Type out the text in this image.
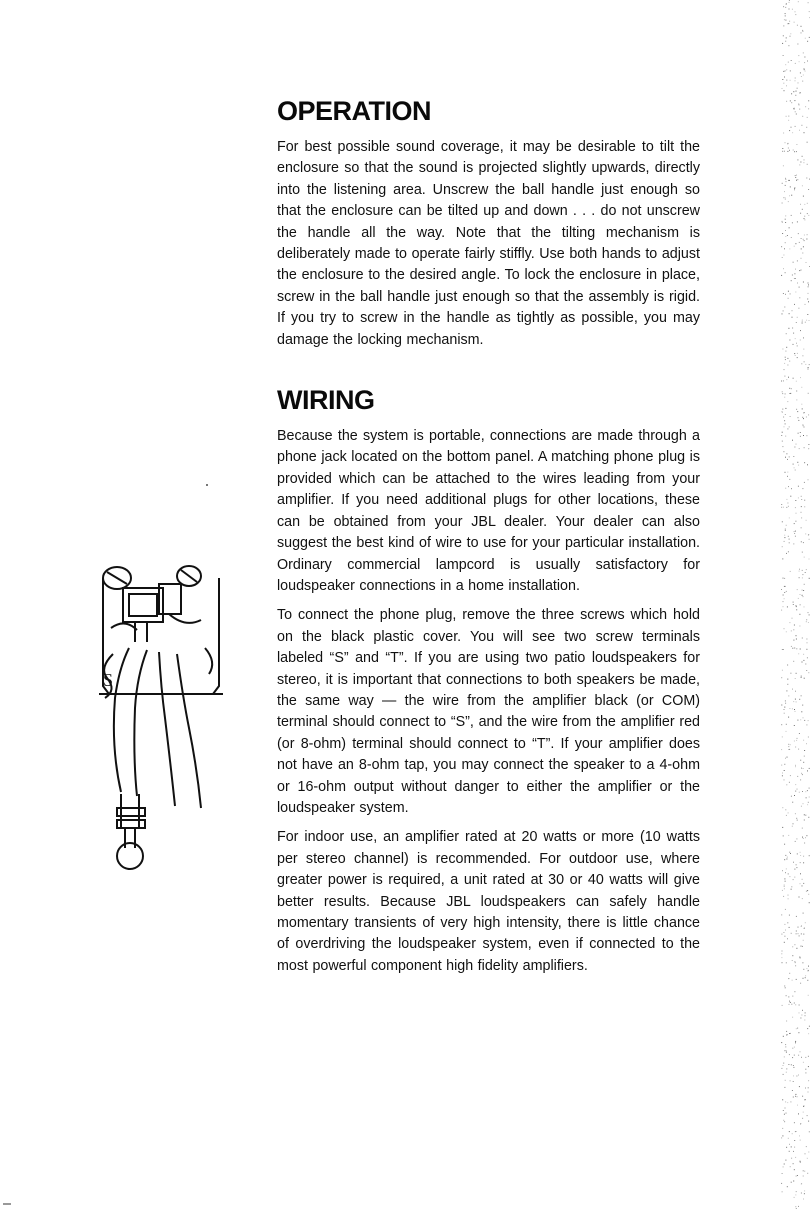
S
OPERATION

For best possible sound coverage, it may be desirable to tilt the enclosure so that the sound is projected slightly upwards, directly into the listening area. Unscrew the ball handle just enough so that the enclosure can be tilted up and down . . . do not unscrew the handle all the way. Note that the tilting mechanism is deliberately made to operate fairly stiffly. Use both hands to adjust the enclosure to the desired angle. To lock the enclosure in place, screw in the ball handle just enough so that the assembly is rigid. If you try to screw in the handle as tightly as possible, you may damage the locking mechanism.

WIRING

Because the system is portable, connections are made through a phone jack located on the bottom panel. A matching phone plug is provided which can be attached to the wires leading from your amplifier. If you need additional plugs for other locations, these can be obtained from your JBL dealer. Your dealer can also suggest the best kind of wire to use for your particular installation. Ordinary commercial lampcord is usually satisfactory for loudspeaker connections in a home installation.

To connect the phone plug, remove the three screws which hold on the black plastic cover. You will see two screw terminals labeled “S” and “T”. If you are using two patio loudspeakers for stereo, it is important that connections to both speakers be made, the same way — the wire from the amplifier black (or COM) terminal should connect to “S”, and the wire from the amplifier red (or 8-ohm) terminal should connect to “T”. If your amplifier does not have an 8-ohm tap, you may connect the speaker to a 4-ohm or 16-ohm output without danger to either the amplifier or the loudspeaker system.

For indoor use, an amplifier rated at 20 watts or more (10 watts per stereo channel) is recommended. For outdoor use, where greater power is required, a unit rated at 30 or 40 watts will give better results. Because JBL loudspeakers can safely handle momentary transients of very high intensity, there is little chance of overdriving the loudspeaker system, even if connected to the most powerful component high fidelity amplifiers.
